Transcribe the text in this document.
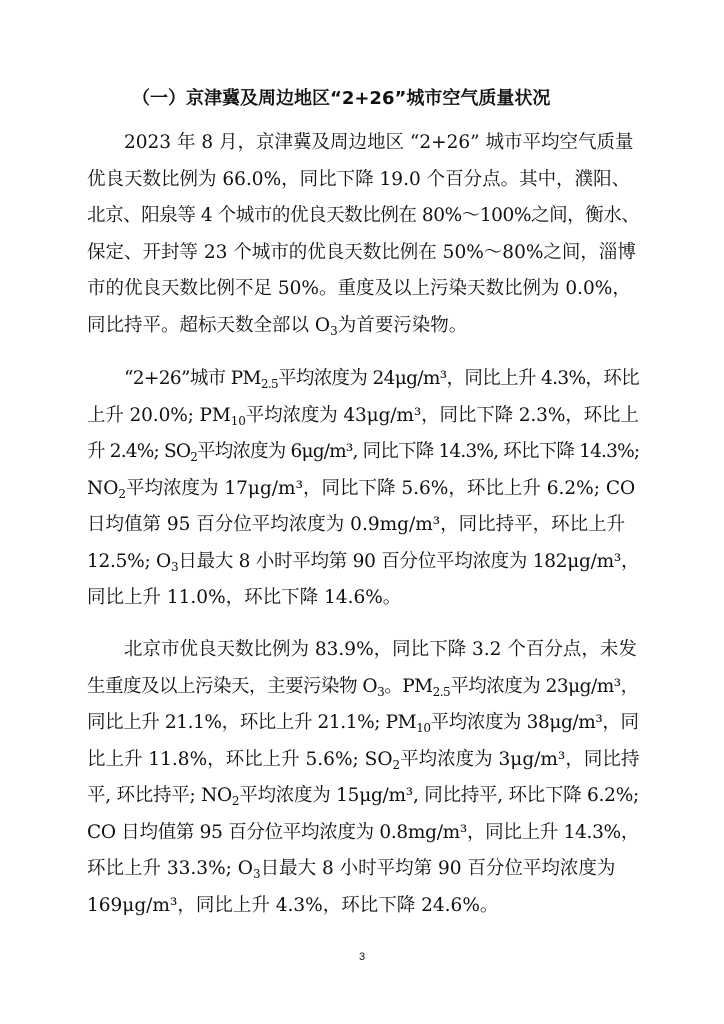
（一）京津冀及周边地区“2+26”城市空气质量状况
2023 年 8 月，京津冀及周边地区 “2+26” 城市平均空气质量
优良天数比例为 66.0%，同比下降 19.0 个百分点。其中，濮阳、
北京、阳泉等 4 个城市的优良天数比例在 80%～100%之间，衡水、
保定、开封等 23 个城市的优良天数比例在 50%～80%之间，淄博
市的优良天数比例不足 50%。重度及以上污染天数比例为 0.0%，
同比持平。超标天数全部以 $O_3$为首要污染物。
“2+26”城市 $PM_{2.5}$平均浓度为 24μg/m³，同比上升 4.3%，环比
上升 20.0%; $PM_{10}$平均浓度为 43μg/m³，同比下降 2.3%，环比上
升 2.4%; $SO_2$平均浓度为 6μg/m³, 同比下降 14.3%, 环比下降 14.3%;
$NO_2$平均浓度为 17μg/m³，同比下降 5.6%，环比上升 6.2%; CO
日均值第 95 百分位平均浓度为 0.9mg/m³，同比持平，环比上升
12.5%; $O_3$日最大 8 小时平均第 90 百分位平均浓度为 182μg/m³，
同比上升 11.0%，环比下降 14.6%。
北京市优良天数比例为 83.9%，同比下降 3.2 个百分点，未发
生重度及以上污染天，主要污染物 $O_3$。$PM_{2.5}$平均浓度为 23μg/m³，
同比上升 21.1%，环比上升 21.1%; $PM_{10}$平均浓度为 38μg/m³，同
比上升 11.8%，环比上升 5.6%; $SO_2$平均浓度为 3μg/m³，同比持
平, 环比持平; $NO_2$平均浓度为 15μg/m³, 同比持平, 环比下降 6.2%;
CO 日均值第 95 百分位平均浓度为 0.8mg/m³，同比上升 14.3%，
环比上升 33.3%; $O_3$日最大 8 小时平均第 90 百分位平均浓度为
169μg/m³，同比上升 4.3%，环比下降 24.6%。
3
